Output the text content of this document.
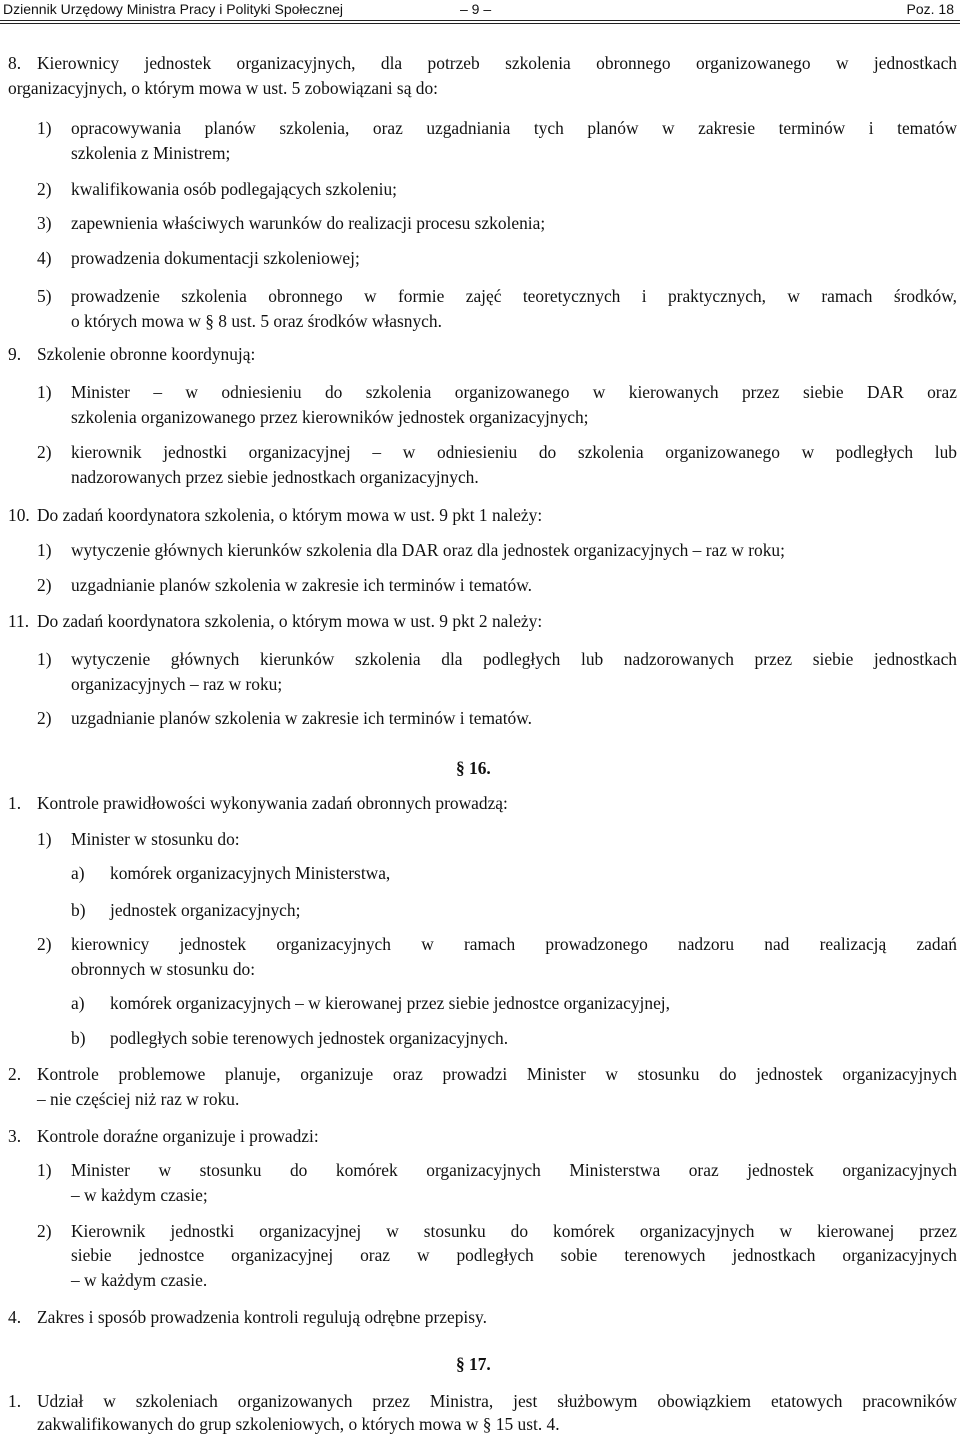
Dziennik Urzędowy Ministra Pracy i Polityki Społecznej	– 9 –	Poz. 18
8. Kierownicy jednostek organizacyjnych, dla potrzeb szkolenia obronnego organizowanego w jednostkach
organizacyjnych, o którym mowa w ust. 5 zobowiązani są do:
1) opracowywania planów szkolenia, oraz uzgadniania tych planów w zakresie terminów i tematów
szkolenia z Ministrem;
2) kwalifikowania osób podlegających szkoleniu;
3) zapewnienia właściwych warunków do realizacji procesu szkolenia;
4) prowadzenia dokumentacji szkoleniowej;
5) prowadzenie szkolenia obronnego w formie zajęć teoretycznych i praktycznych, w ramach środków,
o których mowa w § 8 ust. 5 oraz środków własnych.
9. Szkolenie obronne koordynują:
1) Minister – w odniesieniu do szkolenia organizowanego w kierowanych przez siebie DAR oraz
szkolenia organizowanego przez kierowników jednostek organizacyjnych;
2) kierownik jednostki organizacyjnej – w odniesieniu do szkolenia organizowanego w podległych lub
nadzorowanych przez siebie jednostkach organizacyjnych.
10. Do zadań koordynatora szkolenia, o którym mowa w ust. 9 pkt 1 należy:
1) wytyczenie głównych kierunków szkolenia dla DAR oraz dla jednostek organizacyjnych – raz w roku;
2) uzgadnianie planów szkolenia w zakresie ich terminów i tematów.
11. Do zadań koordynatora szkolenia, o którym mowa w ust. 9 pkt 2 należy:
1) wytyczenie głównych kierunków szkolenia dla podległych lub nadzorowanych przez siebie jednostkach
organizacyjnych – raz w roku;
2) uzgadnianie planów szkolenia w zakresie ich terminów i tematów.
§ 16.
1. Kontrole prawidłowości wykonywania zadań obronnych prowadzą:
1) Minister w stosunku do:
a) komórek organizacyjnych Ministerstwa,
b) jednostek organizacyjnych;
2) kierownicy jednostek organizacyjnych w ramach prowadzonego nadzoru nad realizacją zadań
obronnych w stosunku do:
a) komórek organizacyjnych – w kierowanej przez siebie jednostce organizacyjnej,
b) podległych sobie terenowych jednostek organizacyjnych.
2. Kontrole problemowe planuje, organizuje oraz prowadzi Minister w stosunku do jednostek organizacyjnych
– nie częściej niż raz w roku.
3. Kontrole doraźne organizuje i prowadzi:
1) Minister w stosunku do komórek organizacyjnych Ministerstwa oraz jednostek organizacyjnych
– w każdym czasie;
2) Kierownik jednostki organizacyjnej w stosunku do komórek organizacyjnych w kierowanej przez
siebie jednostce organizacyjnej oraz w podległych sobie terenowych jednostkach organizacyjnych
– w każdym czasie.
4. Zakres i sposób prowadzenia kontroli regulują odrębne przepisy.
§ 17.
1. Udział w szkoleniach organizowanych przez Ministra, jest służbowym obowiązkiem etatowych pracowników
zakwalifikowanych do grup szkoleniowych, o których mowa w § 15 ust. 4.
